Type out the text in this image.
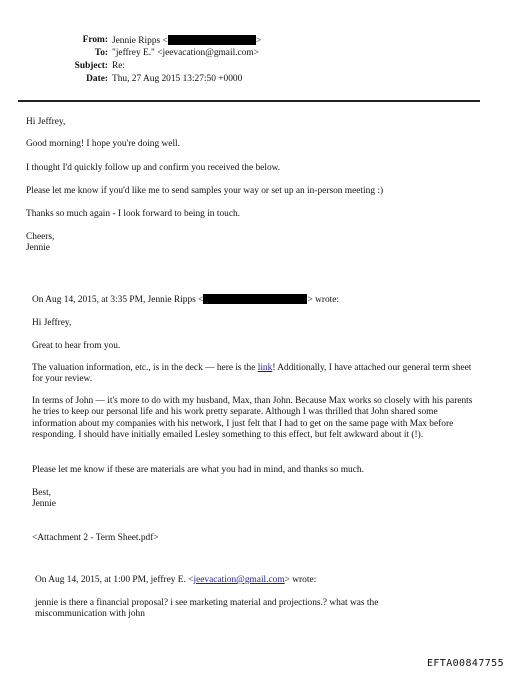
From: Jennie Ripps <	>
To: "jeffrey E." <jeevacation@gmail.com>
Subject: Re:
Date: Thu, 27 Aug 2015 13:27:50 +0000
Hi Jeffrey,
Good morning! I hope you're doing well.
I thought I'd quickly follow up and confirm you received the below.
Please let me know if you'd like me to send samples your way or set up an in-person meeting :)
Thanks so much again - I look forward to being in touch.
Cheers,
Jennie
On Aug 14, 2015, at 3:35 PM, Jennie Ripps <	> wrote:
Hi Jeffrey,
Great to hear from you.
The valuation information, etc., is in the deck — here is the link! Additionally, I have attached our general term sheet for your review.
In terms of John — it's more to do with my husband, Max, than John. Because Max works so closely with his parents he tries to keep our personal life and his work pretty separate. Although I was thrilled that John shared some information about my companies with his network, I just felt that I had to get on the same page with Max before responding. I should have initially emailed Lesley something to this effect, but felt awkward about it (!).
Please let me know if these are materials are what you had in mind, and thanks so much.
Best,
Jennie
<Attachment 2 - Term Sheet.pdf>
On Aug 14, 2015, at 1:00 PM, jeffrey E. <jeevacation@gmail.com> wrote:
jennie is there a financial proposal? i see marketing material and projections.? what was the miscommunication with john
EFTA00847755
